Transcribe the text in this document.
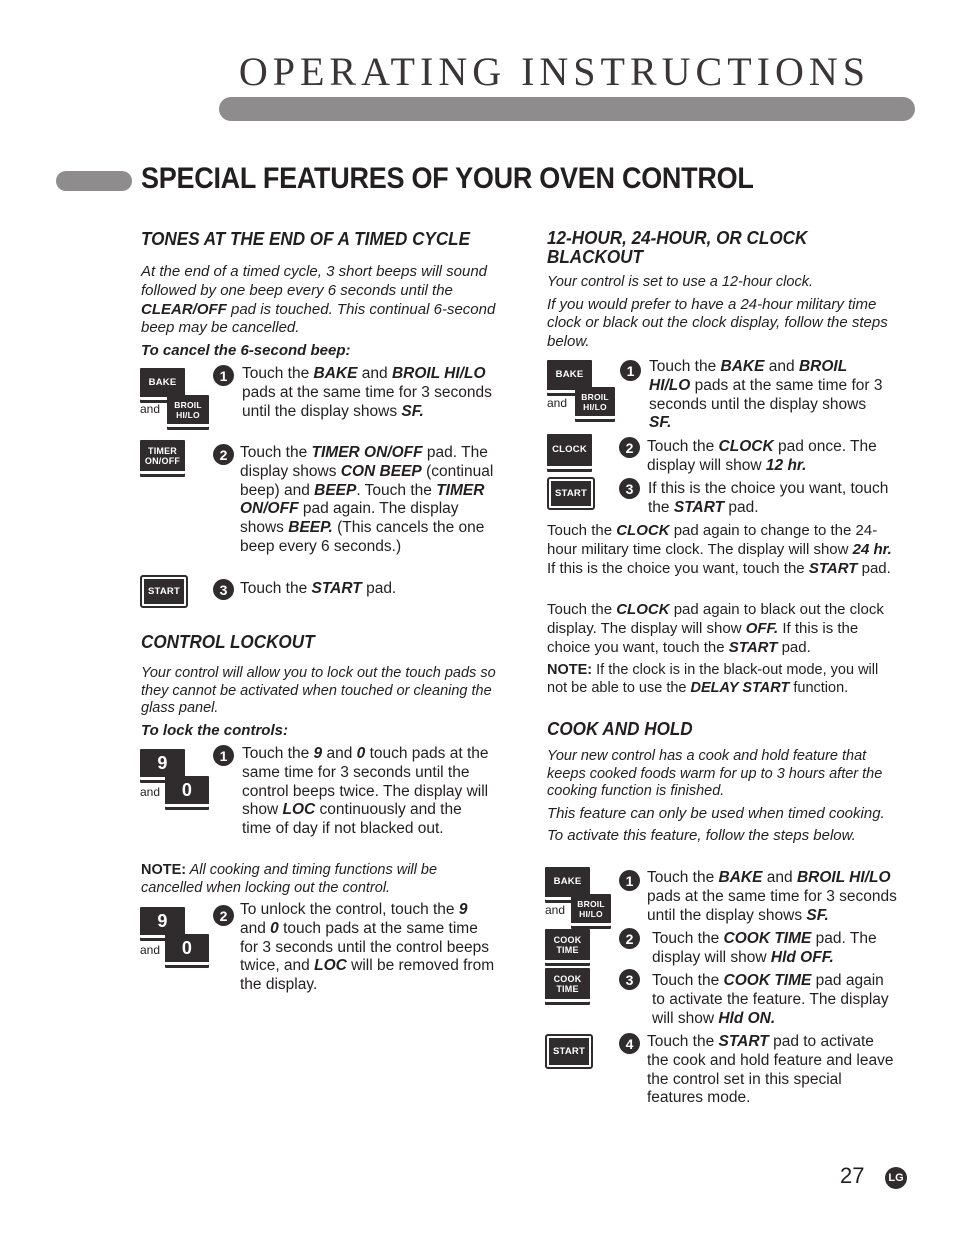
OPERATING INSTRUCTIONS
SPECIAL FEATURES OF YOUR OVEN CONTROL
TONES AT THE END OF A TIMED CYCLE

At the end of a timed cycle, 3 short beeps will sound followed by one beep every 6 seconds until the CLEAR/OFF pad is touched. This continual 6-second beep may be cancelled.

To cancel the 6-second beep:

BAKE
and BROIL
HI/LO
1 Touch the BAKE and BROIL HI/LO pads at the same time for 3 seconds until the display shows SF.
TIMER
ON/OFF	2 Touch the TIMER ON/OFF pad. The display shows CON BEEP (continual beep) and BEEP. Touch the TIMER ON/OFF pad again. The display shows BEEP. (This cancels the one beep every 6 seconds.)
START	3 Touch the START pad.
CONTROL LOCKOUT

Your control will allow you to lock out the touch pads so they cannot be activated when touched or cleaning the glass panel.

To lock the controls:

9
and	0
1 Touch the 9 and 0 touch pads at the same time for 3 seconds until the control beeps twice. The display will show LOC continuously and the time of day if not blacked out.

NOTE: All cooking and timing functions will be cancelled when locking out the control.

9
and	0
2 To unlock the control, touch the 9 and 0 touch pads at the same time for 3 seconds until the control beeps twice, and LOC will be removed from the display.
12-HOUR, 24-HOUR, OR CLOCK BLACKOUT

Your control is set to use a 12-hour clock.

If you would prefer to have a 24-hour military time clock or black out the clock display, follow the steps below.

BAKE
and BROIL
HI/LO
1 Touch the BAKE and BROIL HI/LO pads at the same time for 3 seconds until the display shows SF.
CLOCK	2 Touch the CLOCK pad once. The display will show 12 hr.
START	3 If this is the choice you want, touch the START pad.

Touch the CLOCK pad again to change to the 24-hour military time clock. The display will show 24 hr. If this is the choice you want, touch the START pad.

Touch the CLOCK pad again to black out the clock display. The display will show OFF. If this is the choice you want, touch the START pad.

NOTE: If the clock is in the black-out mode, you will not be able to use the DELAY START function.

COOK AND HOLD

Your new control has a cook and hold feature that keeps cooked foods warm for up to 3 hours after the cooking function is finished.

This feature can only be used when timed cooking.

To activate this feature, follow the steps below.

BAKE
and BROIL
HI/LO
1 Touch the BAKE and BROIL HI/LO pads at the same time for 3 seconds until the display shows SF.
COOK
TIME
2	Touch the COOK TIME pad. The display will show Hld OFF.
COOK
TIME
3	Touch the COOK TIME pad again to activate the feature. The display will show Hld ON.
START	4 Touch the START pad to activate the cook and hold feature and leave the control set in this special features mode.
27	LG
